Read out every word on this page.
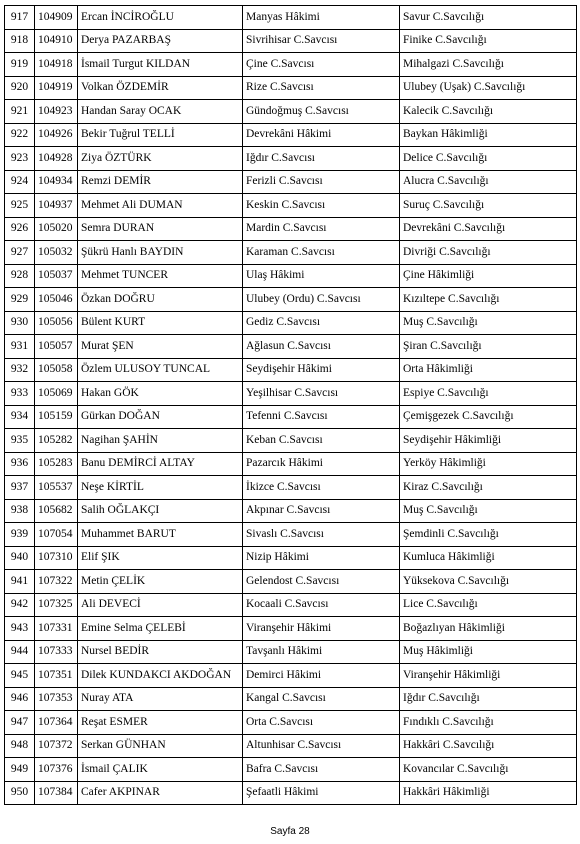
917	104909	Ercan İNCİROĞLU	Manyas Hâkimi	Savur C.Savcılığı
918	104910	Derya PAZARBAŞ	Sivrihisar C.Savcısı	Finike C.Savcılığı
919	104918	İsmail Turgut KILDAN	Çine C.Savcısı	Mihalgazi C.Savcılığı
920	104919	Volkan ÖZDEMİR	Rize C.Savcısı	Ulubey (Uşak) C.Savcılığı
921	104923	Handan Saray OCAK	Gündoğmuş C.Savcısı	Kalecik C.Savcılığı
922	104926	Bekir Tuğrul TELLİ	Devrekâni Hâkimi	Baykan Hâkimliği
923	104928	Ziya ÖZTÜRK	Iğdır C.Savcısı	Delice C.Savcılığı
924	104934	Remzi DEMİR	Ferizli C.Savcısı	Alucra C.Savcılığı
925	104937	Mehmet Ali DUMAN	Keskin C.Savcısı	Suruç C.Savcılığı
926	105020	Semra DURAN	Mardin C.Savcısı	Devrekâni C.Savcılığı
927	105032	Şükrü Hanlı BAYDIN	Karaman C.Savcısı	Divriği C.Savcılığı
928	105037	Mehmet TUNCER	Ulaş Hâkimi	Çine Hâkimliği
929	105046	Özkan DOĞRU	Ulubey (Ordu) C.Savcısı	Kızıltepe C.Savcılığı
930	105056	Bülent KURT	Gediz C.Savcısı	Muş C.Savcılığı
931	105057	Murat ŞEN	Ağlasun C.Savcısı	Şiran C.Savcılığı
932	105058	Özlem ULUSOY TUNCAL	Seydişehir Hâkimi	Orta Hâkimliği
933	105069	Hakan GÖK	Yeşilhisar C.Savcısı	Espiye C.Savcılığı
934	105159	Gürkan DOĞAN	Tefenni C.Savcısı	Çemişgezek C.Savcılığı
935	105282	Nagihan ŞAHİN	Keban C.Savcısı	Seydişehir Hâkimliği
936	105283	Banu DEMİRCİ ALTAY	Pazarcık Hâkimi	Yerköy Hâkimliği
937	105537	Neşe KİRTİL	İkizce C.Savcısı	Kiraz C.Savcılığı
938	105682	Salih OĞLAKÇI	Akpınar C.Savcısı	Muş C.Savcılığı
939	107054	Muhammet BARUT	Sivaslı C.Savcısı	Şemdinli C.Savcılığı
940	107310	Elif ŞIK	Nizip Hâkimi	Kumluca Hâkimliği
941	107322	Metin ÇELİK	Gelendost C.Savcısı	Yüksekova C.Savcılığı
942	107325	Ali DEVECİ	Kocaali C.Savcısı	Lice C.Savcılığı
943	107331	Emine Selma ÇELEBİ	Viranşehir Hâkimi	Boğazlıyan Hâkimliği
944	107333	Nursel BEDİR	Tavşanlı Hâkimi	Muş Hâkimliği
945	107351	Dilek KUNDAKCI AKDOĞAN	Demirci Hâkimi	Viranşehir Hâkimliği
946	107353	Nuray ATA	Kangal C.Savcısı	Iğdır C.Savcılığı
947	107364	Reşat ESMER	Orta C.Savcısı	Fındıklı C.Savcılığı
948	107372	Serkan GÜNHAN	Altunhisar C.Savcısı	Hakkâri C.Savcılığı
949	107376	İsmail ÇALIK	Bafra C.Savcısı	Kovancılar C.Savcılığı
950	107384	Cafer AKPINAR	Şefaatli Hâkimi	Hakkâri Hâkimliği
Sayfa 28
